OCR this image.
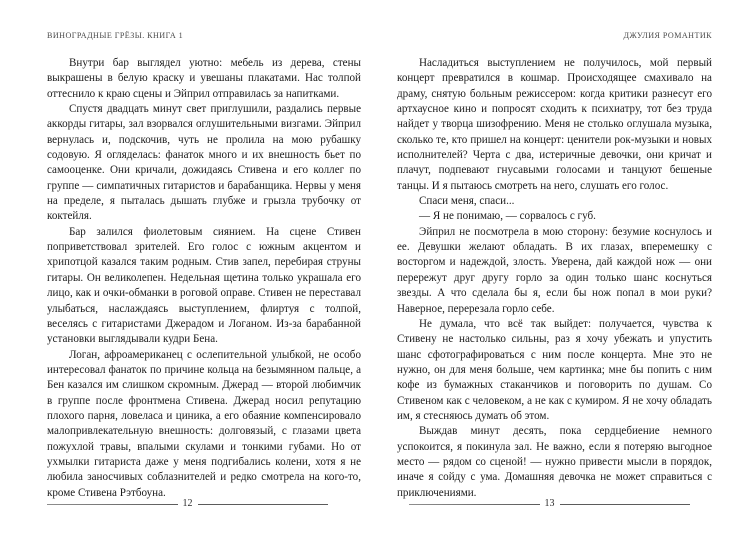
ВИНОГРАДНЫЕ ГРЁЗЫ. КНИГА 1

Внутри бар выглядел уютно: мебель из дерева, стены выкрашены в белую краску и увешаны плакатами. Нас толпой оттеснило к краю сцены и Эйприл отправилась за напитками.

Спустя двадцать минут свет приглушили, раздались первые аккорды гитары, зал взорвался оглушительными визгами. Эйприл вернулась и, подскочив, чуть не пролила на мою рубашку содовую. Я огляделась: фанаток много и их внешность бьет по самооценке. Они кричали, дожидаясь Стивена и его коллег по группе — симпатичных гитаристов и барабанщика. Нервы у меня на пределе, я пыталась дышать глубже и грызла трубочку от коктейля.

Бар залился фиолетовым сиянием. На сцене Стивен поприветствовал зрителей. Его голос с южным акцентом и хрипотцой казался таким родным. Стив запел, перебирая струны гитары. Он великолепен. Недельная щетина только украшала его лицо, как и очки-обманки в роговой оправе. Стивен не переставал улыбаться, наслаждаясь выступлением, флиртуя с толпой, веселясь с гитаристами Джерадом и Логаном. Из-за барабанной установки выглядывали кудри Бена.

Логан, афроамериканец с ослепительной улыбкой, не особо интересовал фанаток по причине кольца на безымянном пальце, а Бен казался им слишком скромным. Джерад — второй любимчик в группе после фронтмена Стивена. Джерад носил репутацию плохого парня, ловеласа и циника, а его обаяние компенсировало малопривлекательную внешность: долговязый, с глазами цвета пожухлой травы, впалыми скулами и тонкими губами. Но от ухмылки гитариста даже у меня подгибались колени, хотя я не любила заносчивых соблазнителей и редко смотрела на кого-то, кроме Стивена Рэтбоуна.

ДЖУЛИЯ РОМАНТИК

Насладиться выступлением не получилось, мой первый концерт превратился в кошмар. Происходящее смахивало на драму, снятую больным режиссером: когда критики разнесут его артхаусное кино и попросят сходить к психиатру, тот без труда найдет у творца шизофрению. Меня не столько оглушала музыка, сколько те, кто пришел на концерт: ценители рок-музыки и новых исполнителей? Черта с два, истеричные девочки, они кричат и плачут, подпевают гнусавыми голосами и танцуют бешеные танцы. И я пытаюсь смотреть на него, слушать его голос.

Спаси меня, спаси...

— Я не понимаю, — сорвалось с губ.

Эйприл не посмотрела в мою сторону: безумие коснулось и ее. Девушки желают обладать. В их глазах, вперемешку с восторгом и надеждой, злость. Уверена, дай каждой нож — они перережут друг другу горло за один только шанс коснуться звезды. А что сделала бы я, если бы нож попал в мои руки? Наверное, перерезала горло себе.

Не думала, что всё так выйдет: получается, чувства к Стивену не настолько сильны, раз я хочу убежать и упустить шанс сфотографироваться с ним после концерта. Мне это не нужно, он для меня больше, чем картинка; мне бы попить с ним кофе из бумажных стаканчиков и поговорить по душам. Со Стивеном как с человеком, а не как с кумиром. Я не хочу обладать им, я стесняюсь думать об этом.

Выждав минут десять, пока сердцебиение немного успокоится, я покинула зал. Не важно, если я потеряю выгодное место — рядом со сценой! — нужно привести мысли в порядок, иначе я сойду с ума. Домашняя девочка не может справиться с приключениями.

12	13
